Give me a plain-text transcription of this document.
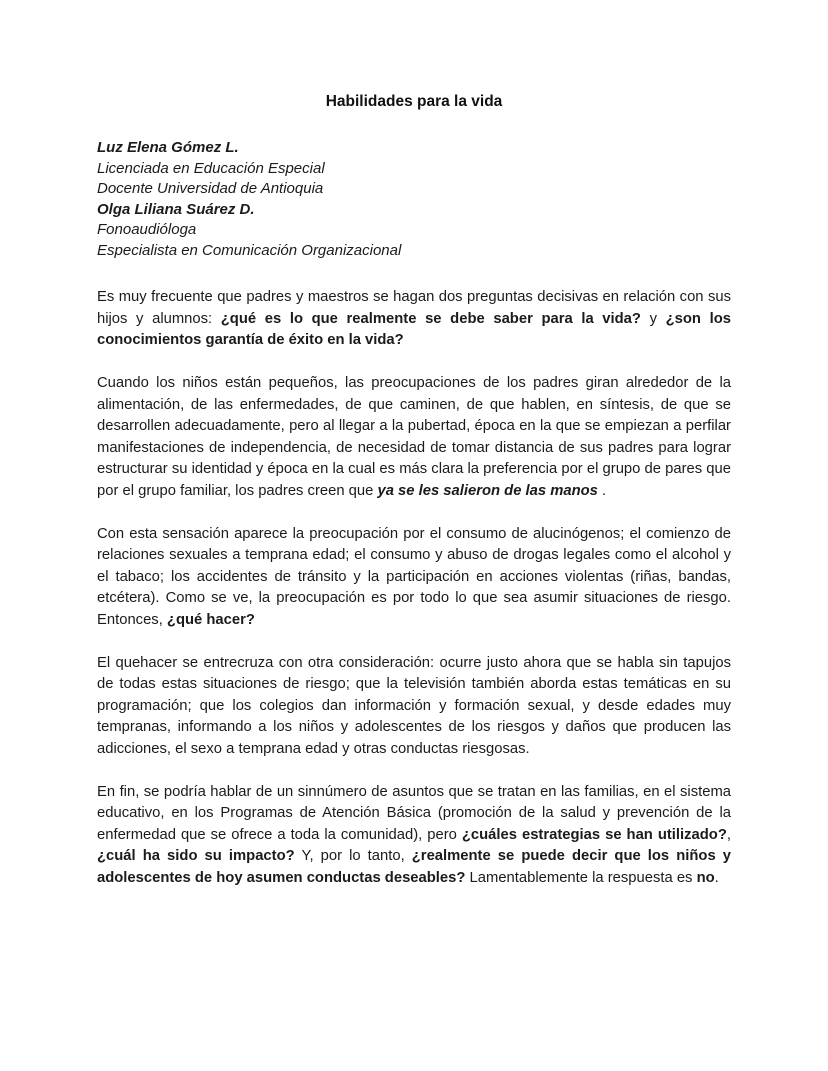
Habilidades para la vida
Luz Elena Gómez L.
Licenciada en Educación Especial
Docente Universidad de Antioquia
Olga Liliana Suárez D.
Fonoaudióloga
Especialista en Comunicación Organizacional

Es muy frecuente que padres y maestros se hagan dos preguntas decisivas en relación con sus hijos y alumnos: ¿qué es lo que realmente se debe saber para la vida? y ¿son los conocimientos garantía de éxito en la vida?

Cuando los niños están pequeños, las preocupaciones de los padres giran alrededor de la alimentación, de las enfermedades, de que caminen, de que hablen, en síntesis, de que se desarrollen adecuadamente, pero al llegar a la pubertad, época en la que se empiezan a perfilar manifestaciones de independencia, de necesidad de tomar distancia de sus padres para lograr estructurar su identidad y época en la cual es más clara la preferencia por el grupo de pares que por el grupo familiar, los padres creen que ya se les salieron de las manos .

Con esta sensación aparece la preocupación por el consumo de alucinógenos; el comienzo de relaciones sexuales a temprana edad; el consumo y abuso de drogas legales como el alcohol y el tabaco; los accidentes de tránsito y la participación en acciones violentas (riñas, bandas, etcétera). Como se ve, la preocupación es por todo lo que sea asumir situaciones de riesgo. Entonces, ¿qué hacer?

El quehacer se entrecruza con otra consideración: ocurre justo ahora que se habla sin tapujos de todas estas situaciones de riesgo; que la televisión también aborda estas temáticas en su programación; que los colegios dan información y formación sexual, y desde edades muy tempranas, informando a los niños y adolescentes de los riesgos y daños que producen las adicciones, el sexo a temprana edad y otras conductas riesgosas.

En fin, se podría hablar de un sinnúmero de asuntos que se tratan en las familias, en el sistema educativo, en los Programas de Atención Básica (promoción de la salud y prevención de la enfermedad que se ofrece a toda la comunidad), pero ¿cuáles estrategias se han utilizado?, ¿cuál ha sido su impacto? Y, por lo tanto, ¿realmente se puede decir que los niños y adolescentes de hoy asumen conductas deseables? Lamentablemente la respuesta es no.
